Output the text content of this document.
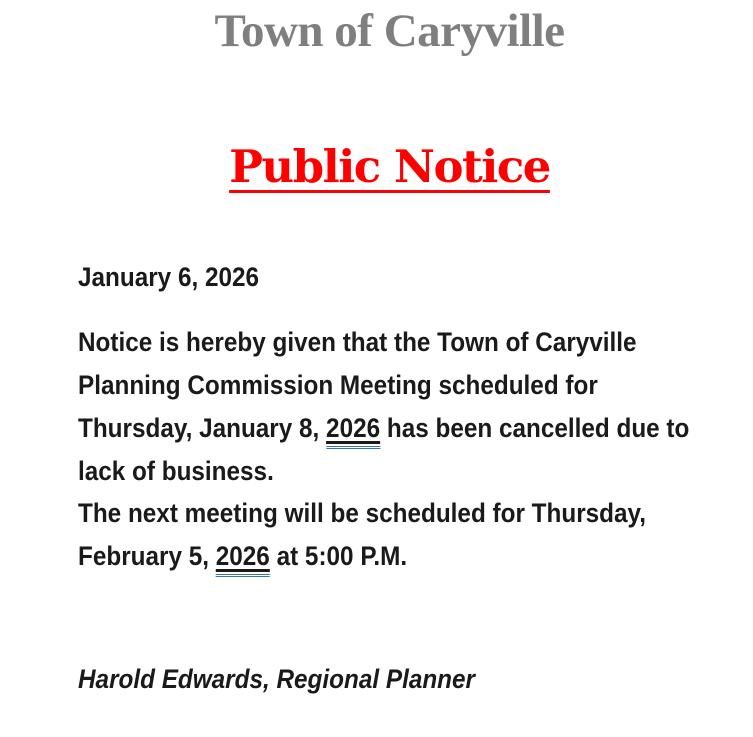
Town of Caryville
Public Notice

January 6, 2026

Notice is hereby given that the Town of Caryville Planning Commission Meeting scheduled for Thursday, January 8, 2026 has been cancelled due to lack of business.

The next meeting will be scheduled for Thursday, February 5, 2026 at 5:00 P.M.

Harold Edwards, Regional Planner
